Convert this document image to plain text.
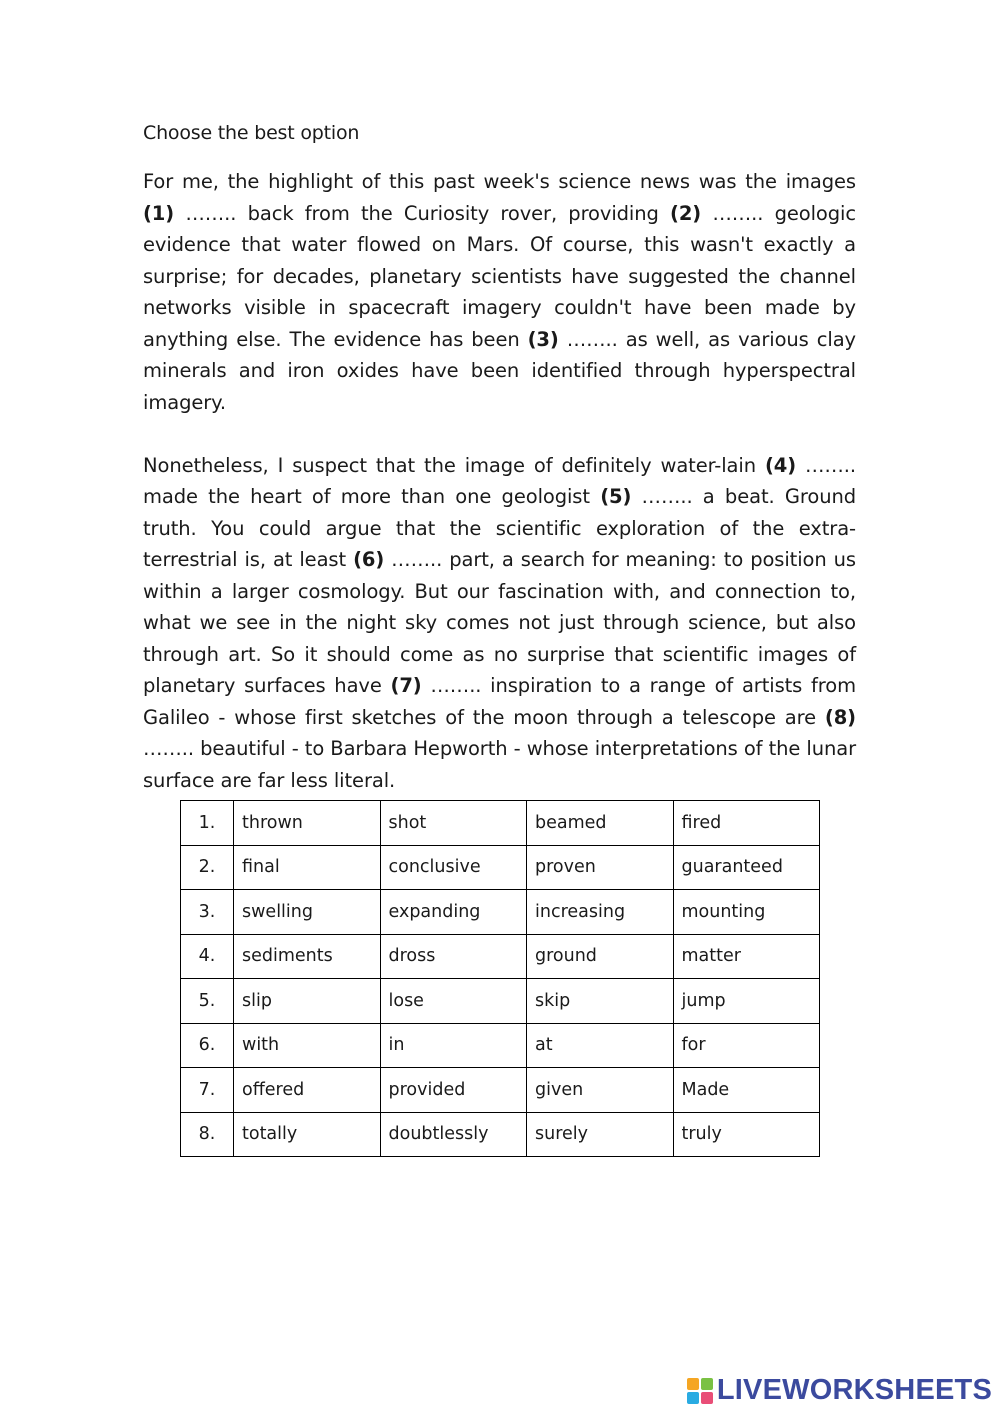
Choose the best option

For me, the highlight of this past week's science news was the images (1) …….. back from the Curiosity rover, providing (2) …….. geologic evidence that water flowed on Mars. Of course, this wasn't exactly a surprise; for decades, planetary scientists have suggested the channel networks visible in spacecraft imagery couldn't have been made by anything else. The evidence has been (3) …….. as well, as various clay minerals and iron oxides have been identified through hyperspectral imagery.

Nonetheless, I suspect that the image of definitely water-lain (4) …….. made the heart of more than one geologist (5) …….. a beat. Ground truth. You could argue that the scientific exploration of the extra-terrestrial is, at least (6) …….. part, a search for meaning: to position us within a larger cosmology. But our fascination with, and connection to, what we see in the night sky comes not just through science, but also through art. So it should come as no surprise that scientific images of planetary surfaces have (7) …….. inspiration to a range of artists from Galileo - whose first sketches of the moon through a telescope are (8) …….. beautiful - to Barbara Hepworth - whose interpretations of the lunar surface are far less literal.

1.	thrown	shot	beamed	fired
2.	final	conclusive	proven	guaranteed
3.	swelling	expanding	increasing	mounting
4.	sediments	dross	ground	matter
5.	slip	lose	skip	jump
6.	with	in	at	for
7.	offered	provided	given	Made
8.	totally	doubtlessly	surely	truly
LIVEWORKSHEETS
